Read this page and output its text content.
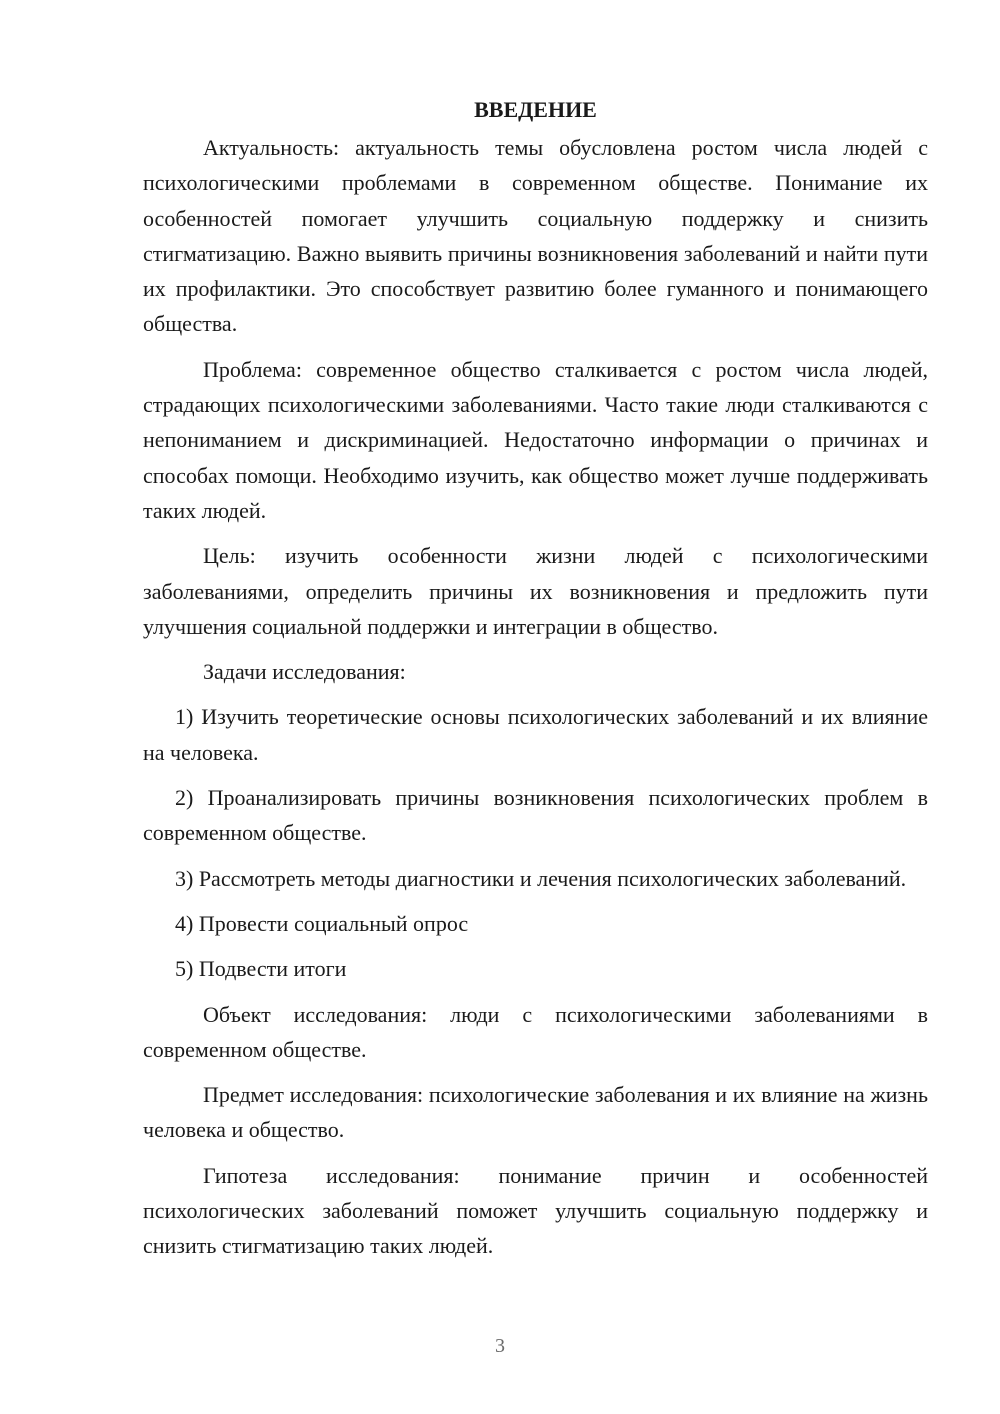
ВВЕДЕНИЕ

Актуальность: актуальность темы обусловлена ростом числа людей с психологическими проблемами в современном обществе. Понимание их особенностей помогает улучшить социальную поддержку и снизить стигматизацию. Важно выявить причины возникновения заболеваний и найти пути их профилактики. Это способствует развитию более гуманного и понимающего общества.

Проблема: современное общество сталкивается с ростом числа людей, страдающих психологическими заболеваниями. Часто такие люди сталкиваются с непониманием и дискриминацией. Недостаточно информации о причинах и способах помощи. Необходимо изучить, как общество может лучше поддерживать таких людей.

Цель: изучить особенности жизни людей с психологическими заболеваниями, определить причины их возникновения и предложить пути улучшения социальной поддержки и интеграции в общество.

Задачи исследования:

1) Изучить теоретические основы психологических заболеваний и их влияние на человека.

2) Проанализировать причины возникновения психологических проблем в современном обществе.

3) Рассмотреть методы диагностики и лечения психологических заболеваний.

4) Провести социальный опрос

5) Подвести итоги

Объект исследования: люди с психологическими заболеваниями в современном обществе.

Предмет исследования: психологические заболевания и их влияние на жизнь человека и общество.

Гипотеза исследования: понимание причин и особенностей психологических заболеваний поможет улучшить социальную поддержку и снизить стигматизацию таких людей.

3
